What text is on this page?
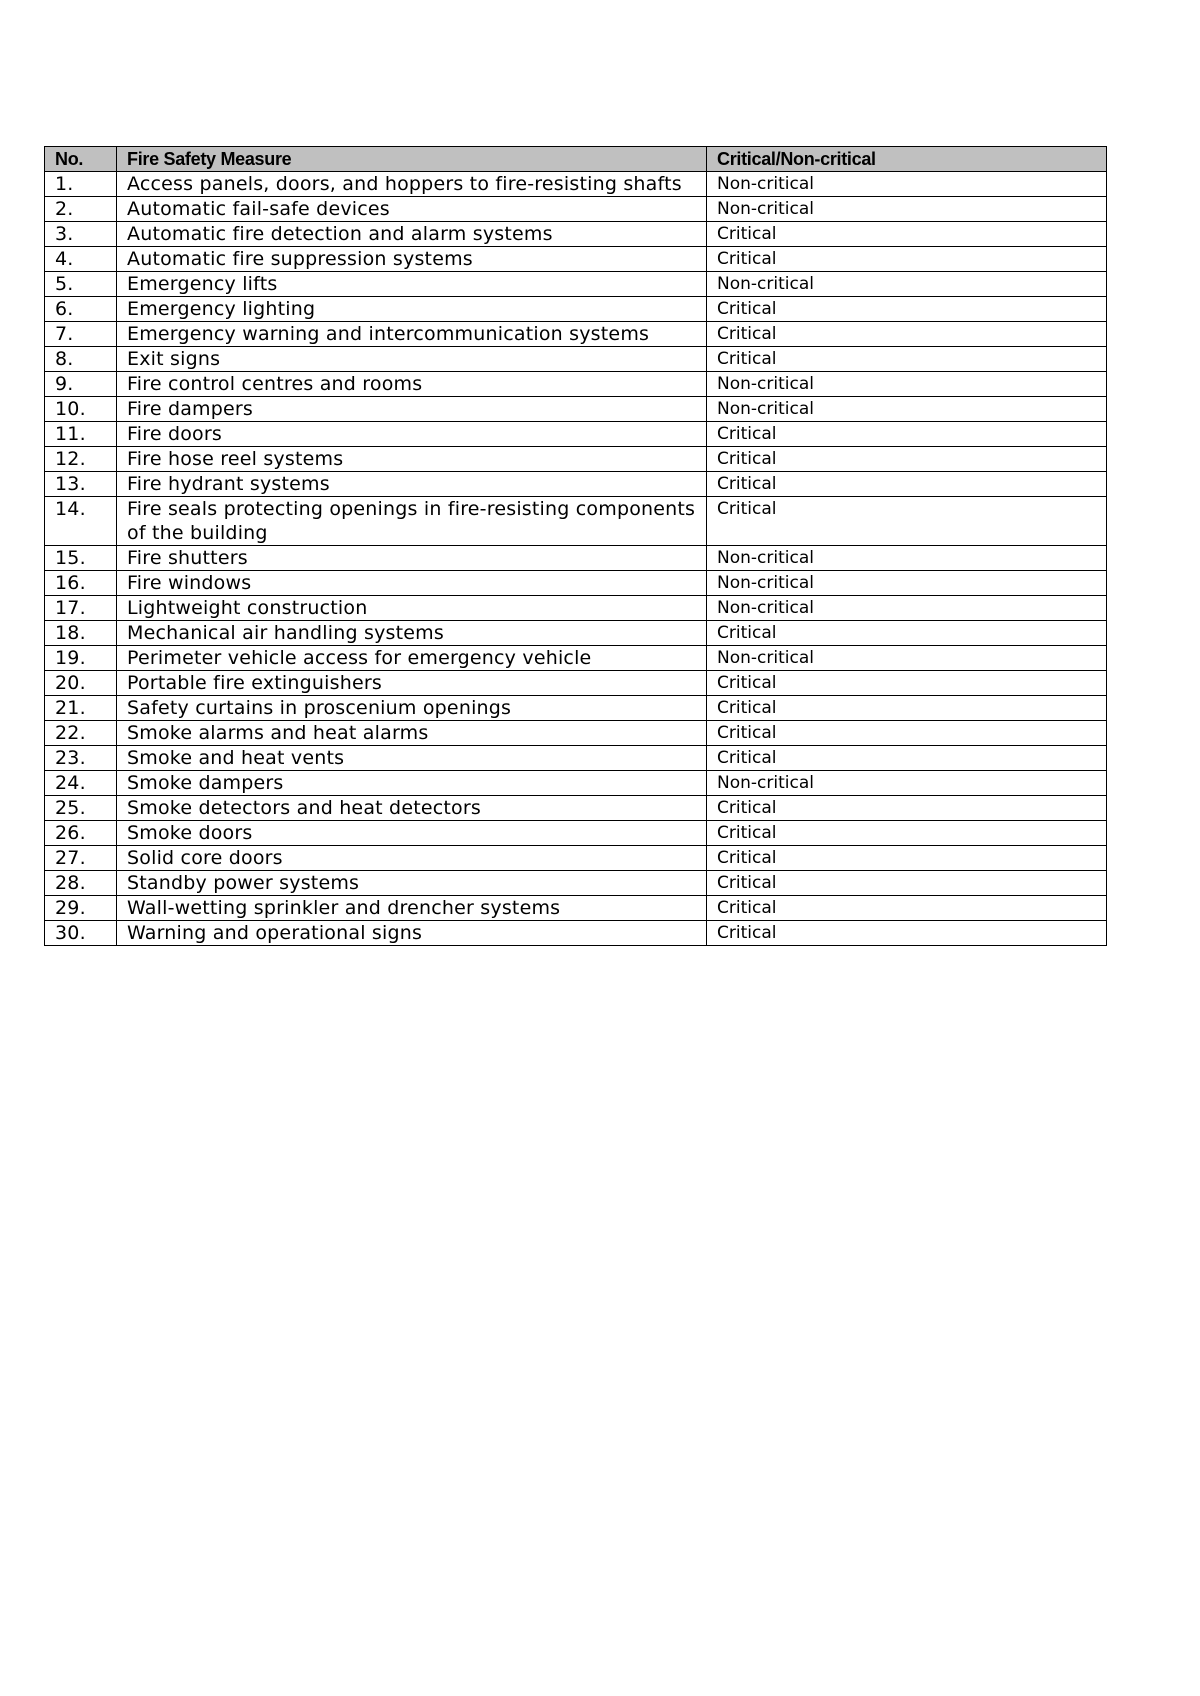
No.	Fire Safety Measure	Critical/Non-critical
1.	Access panels, doors, and hoppers to fire-resisting shafts	Non-critical
2.	Automatic fail-safe devices	Non-critical
3.	Automatic fire detection and alarm systems	Critical
4.	Automatic fire suppression systems	Critical
5.	Emergency lifts	Non-critical
6.	Emergency lighting	Critical
7.	Emergency warning and intercommunication systems	Critical
8.	Exit signs	Critical
9.	Fire control centres and rooms	Non-critical
10.	Fire dampers	Non-critical
11.	Fire doors	Critical
12.	Fire hose reel systems	Critical
13.	Fire hydrant systems	Critical
14.	Fire seals protecting openings in fire-resisting components of the building	Critical
15.	Fire shutters	Non-critical
16.	Fire windows	Non-critical
17.	Lightweight construction	Non-critical
18.	Mechanical air handling systems	Critical
19.	Perimeter vehicle access for emergency vehicle	Non-critical
20.	Portable fire extinguishers	Critical
21.	Safety curtains in proscenium openings	Critical
22.	Smoke alarms and heat alarms	Critical
23.	Smoke and heat vents	Critical
24.	Smoke dampers	Non-critical
25.	Smoke detectors and heat detectors	Critical
26.	Smoke doors	Critical
27.	Solid core doors	Critical
28.	Standby power systems	Critical
29.	Wall-wetting sprinkler and drencher systems	Critical
30.	Warning and operational signs	Critical
